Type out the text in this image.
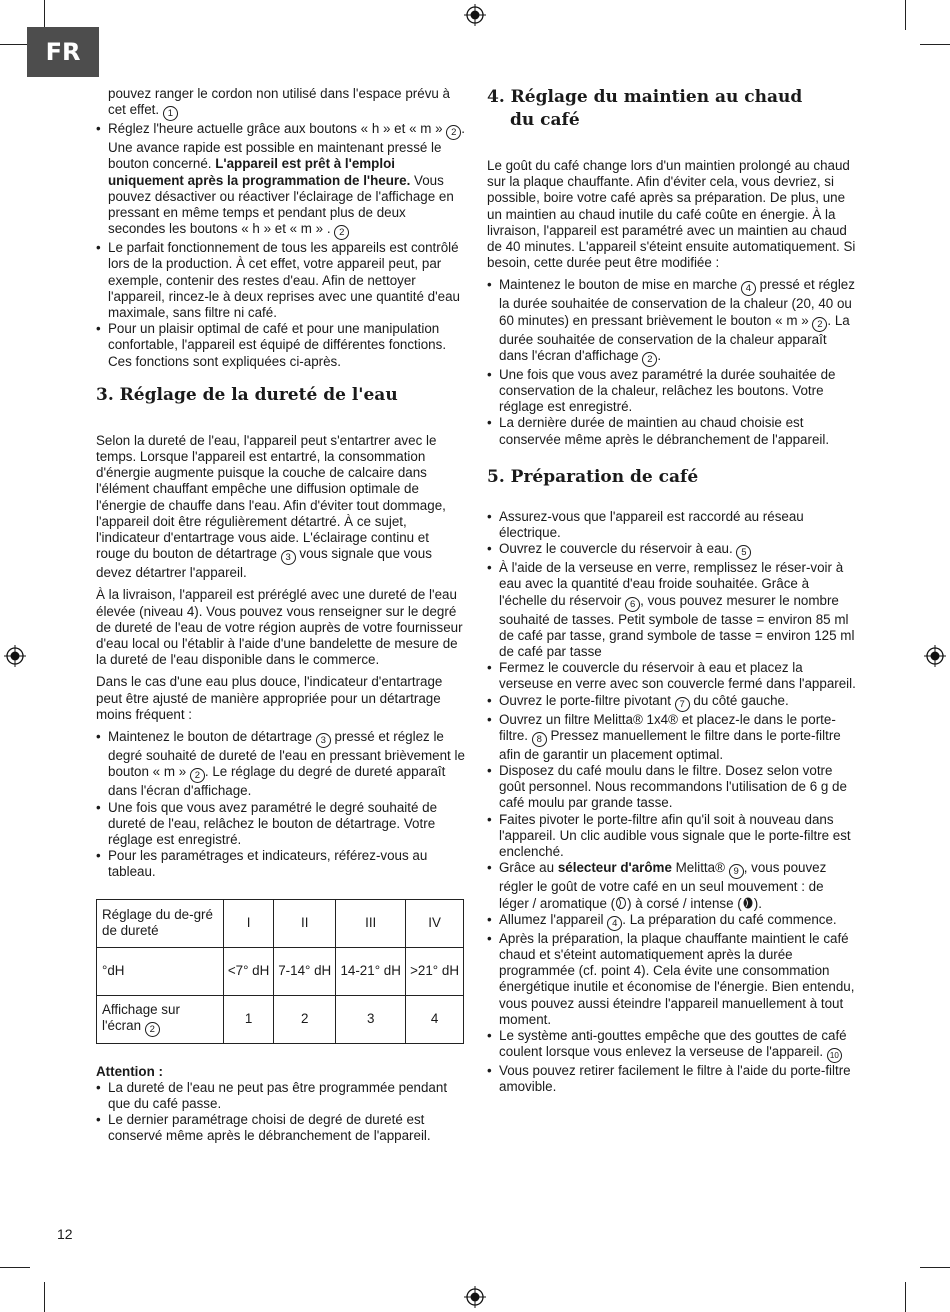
FR
pouvez ranger le cordon non utilisé dans l'espace prévu à cet effet. 1
• Réglez l'heure actuelle grâce aux boutons « h » et « m » 2 . Une avance rapide est possible en maintenant pressé le bouton concerné. L'appareil est prêt à l'emploi uniquement après la programmation de l'heure. Vous pouvez désactiver ou réactiver l'éclairage de l'affichage en pressant en même temps et pendant plus de deux secondes les boutons « h » et « m » . 2
• Le parfait fonctionnement de tous les appareils est contrôlé lors de la production. À cet effet, votre appareil peut, par exemple, contenir des restes d'eau. Afin de nettoyer l'appareil, rincez-le à deux reprises avec une quantité d'eau maximale, sans filtre ni café.
• Pour un plaisir optimal de café et pour une manipulation confortable, l'appareil est équipé de différentes fonctions. Ces fonctions sont expliquées ci-après.
3. Réglage de la dureté de l'eau

Selon la dureté de l'eau, l'appareil peut s'entartrer avec le temps. Lorsque l'appareil est entartré, la consommation d'énergie augmente puisque la couche de calcaire dans l'élément chauffant empêche une diffusion optimale de l'énergie de chauffe dans l'eau. Afin d'éviter tout dommage, l'appareil doit être régulièrement détartré. À ce sujet, l'indicateur d'entartrage vous aide. L'éclairage continu et rouge du bouton de détartrage 3 vous signale que vous devez détartrer l'appareil.

À la livraison, l'appareil est préréglé avec une dureté de l'eau élevée (niveau 4). Vous pouvez vous renseigner sur le degré de dureté de l'eau de votre région auprès de votre fournisseur d'eau local ou l'établir à l'aide d'une bandelette de mesure de la dureté de l'eau disponible dans le commerce.

Dans le cas d'une eau plus douce, l'indicateur d'entartrage peut être ajusté de manière appropriée pour un détartrage moins fréquent :

• Maintenez le bouton de détartrage 3 pressé et réglez le degré souhaité de dureté de l'eau en pressant brièvement le bouton « m » 2 . Le réglage du degré de dureté apparaît dans l'écran d'affichage.
• Une fois que vous avez paramétré le degré souhaité de dureté de l'eau, relâchez le bouton de détartrage. Votre réglage est enregistré.
• Pour les paramétrages et indicateurs, référez-vous au tableau.
Réglage du de-gré de dureté	I	II	III	IV
°dH	<7° dH	7-14° dH	14-21° dH	>21° dH
Affichage sur l'écran 2	1	2	3	4
Attention :
• La dureté de l'eau ne peut pas être programmée pendant que du café passe.
• Le dernier paramétrage choisi de degré de dureté est conservé même après le débranchement de l'appareil.
4. Réglage du maintien au chaud
du café

Le goût du café change lors d'un maintien prolongé au chaud sur la plaque chauffante. Afin d'éviter cela, vous devriez, si possible, boire votre café après sa préparation. De plus, une un maintien au chaud inutile du café coûte en énergie. À la livraison, l'appareil est paramétré avec un maintien au chaud de 40 minutes. L'appareil s'éteint ensuite automatiquement. Si besoin, cette durée peut être modifiée :

• Maintenez le bouton de mise en marche 4 pressé et réglez la durée souhaitée de conservation de la chaleur (20, 40 ou 60 minutes) en pressant brièvement le bouton « m » 2 . La durée souhaitée de conservation de la chaleur apparaît dans l'écran d'affichage 2 .
• Une fois que vous avez paramétré la durée souhaitée de conservation de la chaleur, relâchez les boutons. Votre réglage est enregistré.
• La dernière durée de maintien au chaud choisie est conservée même après le débranchement de l'appareil.
5. Préparation de café
• Assurez-vous que l'appareil est raccordé au réseau électrique.
• Ouvrez le couvercle du réservoir à eau. 5
• À l'aide de la verseuse en verre, remplissez le réser-voir à eau avec la quantité d'eau froide souhaitée. Grâce à l'échelle du réservoir 6 , vous pouvez mesurer le nombre souhaité de tasses. Petit symbole de tasse = environ 85 ml de café par tasse, grand symbole de tasse = environ 125 ml de café par tasse
• Fermez le couvercle du réservoir à eau et placez la verseuse en verre avec son couvercle fermé dans l'appareil.
• Ouvrez le porte-filtre pivotant 7 du côté gauche.
• Ouvrez un filtre Melitta® 1x4® et placez-le dans le porte-filtre. 8 Pressez manuellement le filtre dans le porte-filtre afin de garantir un placement optimal.
• Disposez du café moulu dans le filtre. Dosez selon votre goût personnel. Nous recommandons l'utilisation de 6 g de café moulu par grande tasse.
• Faites pivoter le porte-filtre afin qu'il soit à nouveau dans l'appareil. Un clic audible vous signale que le porte-filtre est enclenché.
• Grâce au sélecteur d'arôme Melitta® 9 , vous pouvez régler le goût de votre café en un seul mouvement : de léger / aromatique ( ) à corsé / intense ( ).
• Allumez l'appareil 4 . La préparation du café commence.
• Après la préparation, la plaque chauffante maintient le café chaud et s'éteint automatiquement après la durée programmée (cf. point 4). Cela évite une consommation énergétique inutile et économise de l'énergie. Bien entendu, vous pouvez aussi éteindre l'appareil manuellement à tout moment.
• Le système anti-gouttes empêche que des gouttes de café coulent lorsque vous enlevez la verseuse de l'appareil. 10
• Vous pouvez retirer facilement le filtre à l'aide du porte-filtre amovible.
12
